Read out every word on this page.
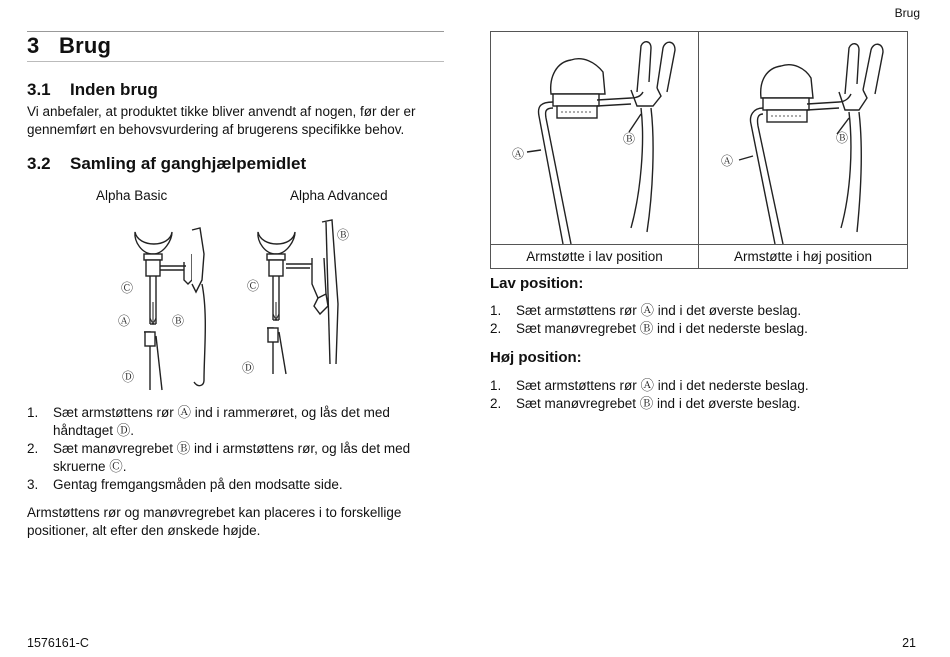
Brug
3 Brug
3.1 Inden brug
Vi anbefaler, at produktet tikke bliver anvendt af nogen, før der er gennemført en behovsvurdering af brugerens specifikke behov.
3.2 Samling af ganghjælpemidlet
Alpha Basic	Alpha Advanced
Ⓒ
Ⓐ	Ⓑ
Ⓓ
Ⓑ
Ⓒ
Ⓓ
1. Sæt armstøttens rør Ⓐ ind i rammerøret, og lås det med håndtaget Ⓓ.
2. Sæt manøvregrebet Ⓑ ind i armstøttens rør, og lås det med skruerne Ⓒ.
3. Gentag fremgangsmåden på den modsatte side.
Armstøttens rør og manøvregrebet kan placeres i to forskellige positioner, alt efter den ønskede højde.
Ⓐ
Ⓑ
Ⓐ
Ⓑ
Armstøtte i lav position	Armstøtte i høj position
Lav position:
1. Sæt armstøttens rør Ⓐ ind i det øverste beslag.
2. Sæt manøvregrebet Ⓑ ind i det nederste beslag.
Høj position:
1. Sæt armstøttens rør Ⓐ ind i det nederste beslag.
2. Sæt manøvregrebet Ⓑ ind i det øverste beslag.
1576161-C	21
